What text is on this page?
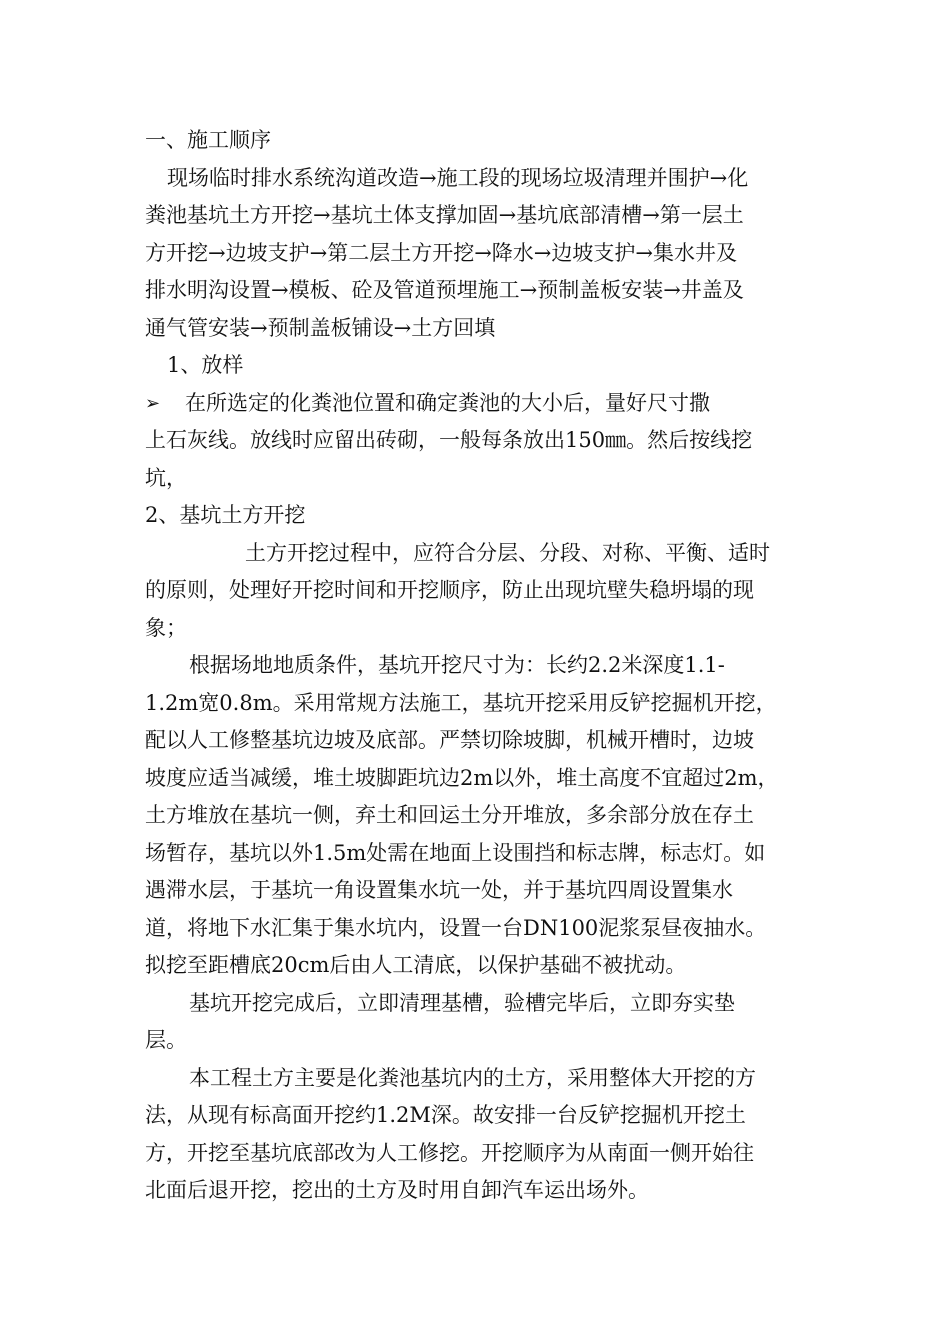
一、施工顺序
现场临时排水系统沟道改造→施工段的现场垃圾清理并围护→化
粪池基坑土方开挖→基坑土体支撑加固→基坑底部清槽→第一层土
方开挖→边坡支护→第二层土方开挖→降水→边坡支护→集水井及
排水明沟设置→模板、砼及管道预埋施工→预制盖板安装→井盖及
通气管安装→预制盖板铺设→土方回填
1、放样
➢	在所选定的化粪池位置和确定粪池的大小后，量好尺寸撒
上石灰线。放线时应留出砖砌，一般每条放出150㎜。然后按线挖
坑，
2、基坑土方开挖
土方开挖过程中，应符合分层、分段、对称、平衡、适时
的原则，处理好开挖时间和开挖顺序，防止出现坑壁失稳坍塌的现
象；
根据场地地质条件，基坑开挖尺寸为：长约2.2米深度1.1-
1.2m宽0.8m。采用常规方法施工，基坑开挖采用反铲挖掘机开挖，
配以人工修整基坑边坡及底部。严禁切除坡脚，机械开槽时，边坡
坡度应适当减缓，堆土坡脚距坑边2m以外，堆土高度不宜超过2m，
土方堆放在基坑一侧，弃土和回运土分开堆放，多余部分放在存土
场暂存，基坑以外1.5m处需在地面上设围挡和标志牌，标志灯。如
遇滞水层，于基坑一角设置集水坑一处，并于基坑四周设置集水
道，将地下水汇集于集水坑内，设置一台DN100泥浆泵昼夜抽水。
拟挖至距槽底20cm后由人工清底，以保护基础不被扰动。
基坑开挖完成后，立即清理基槽，验槽完毕后，立即夯实垫
层。
本工程土方主要是化粪池基坑内的土方，采用整体大开挖的方
法，从现有标高面开挖约1.2M深。故安排一台反铲挖掘机开挖土
方，开挖至基坑底部改为人工修挖。开挖顺序为从南面一侧开始往
北面后退开挖，挖出的土方及时用自卸汽车运出场外。
